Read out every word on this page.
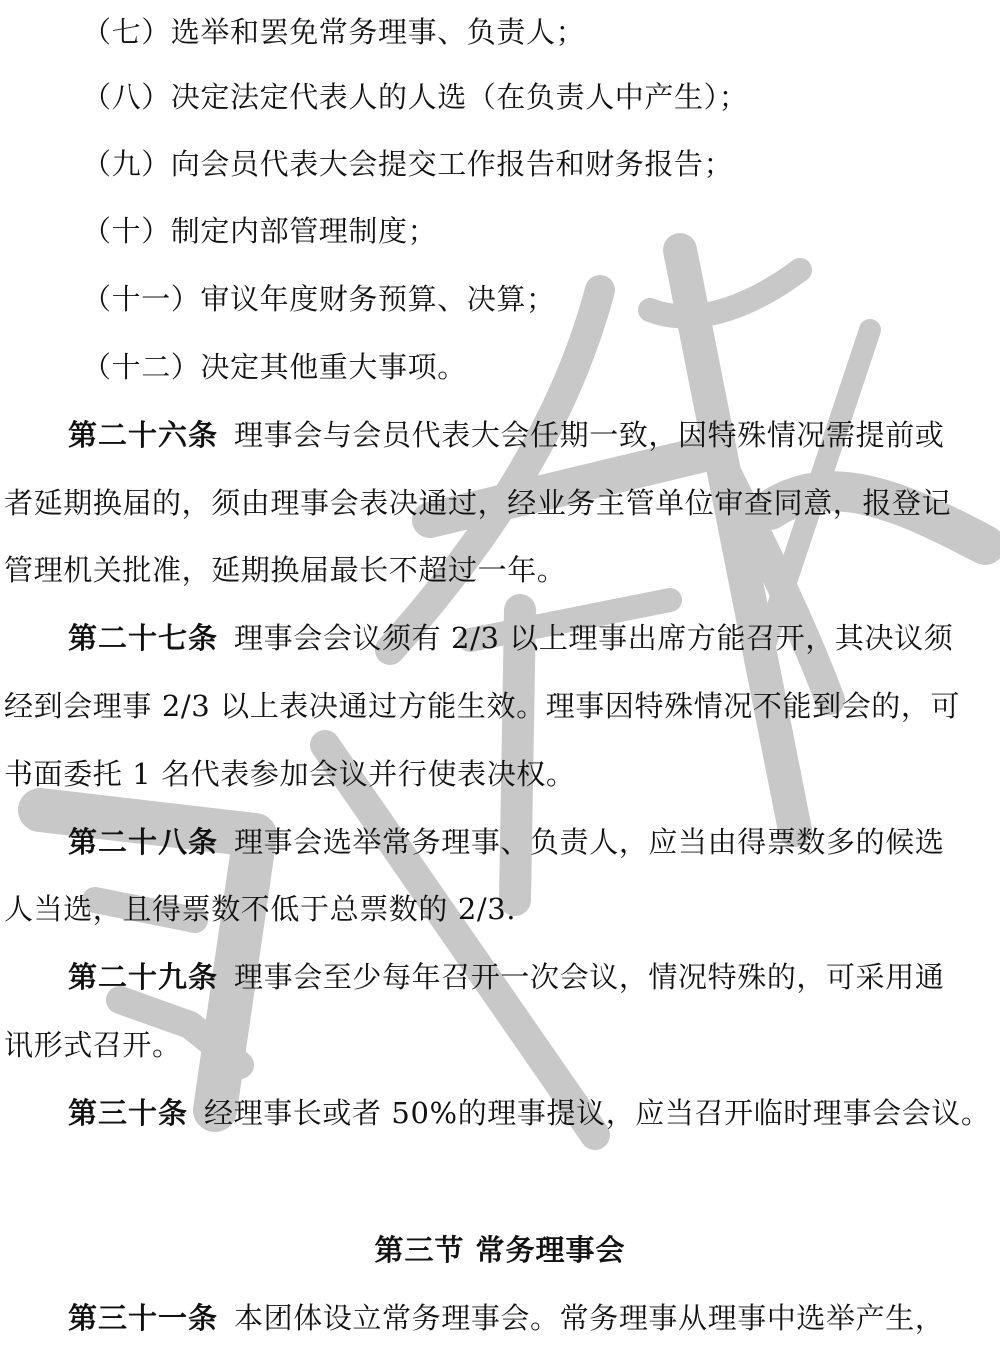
（七）选举和罢免常务理事、负责人；
（八）决定法定代表人的人选（在负责人中产生）；
（九）向会员代表大会提交工作报告和财务报告；
（十）制定内部管理制度；
（十一）审议年度财务预算、决算；
（十二）决定其他重大事项。
第二十六条 理事会与会员代表大会任期一致，因特殊情况需提前或
者延期换届的，须由理事会表决通过，经业务主管单位审查同意，报登记
管理机关批准，延期换届最长不超过一年。
第二十七条 理事会会议须有 2/3 以上理事出席方能召开，其决议须
经到会理事 2/3 以上表决通过方能生效。理事因特殊情况不能到会的，可
书面委托 1 名代表参加会议并行使表决权。
第二十八条 理事会选举常务理事、负责人，应当由得票数多的候选
人当选，且得票数不低于总票数的 2/3.
第二十九条 理事会至少每年召开一次会议，情况特殊的，可采用通
讯形式召开。
第三十条 经理事长或者 50%的理事提议，应当召开临时理事会会议。
第三节 常务理事会
第三十一条 本团体设立常务理事会。常务理事从理事中选举产生，
